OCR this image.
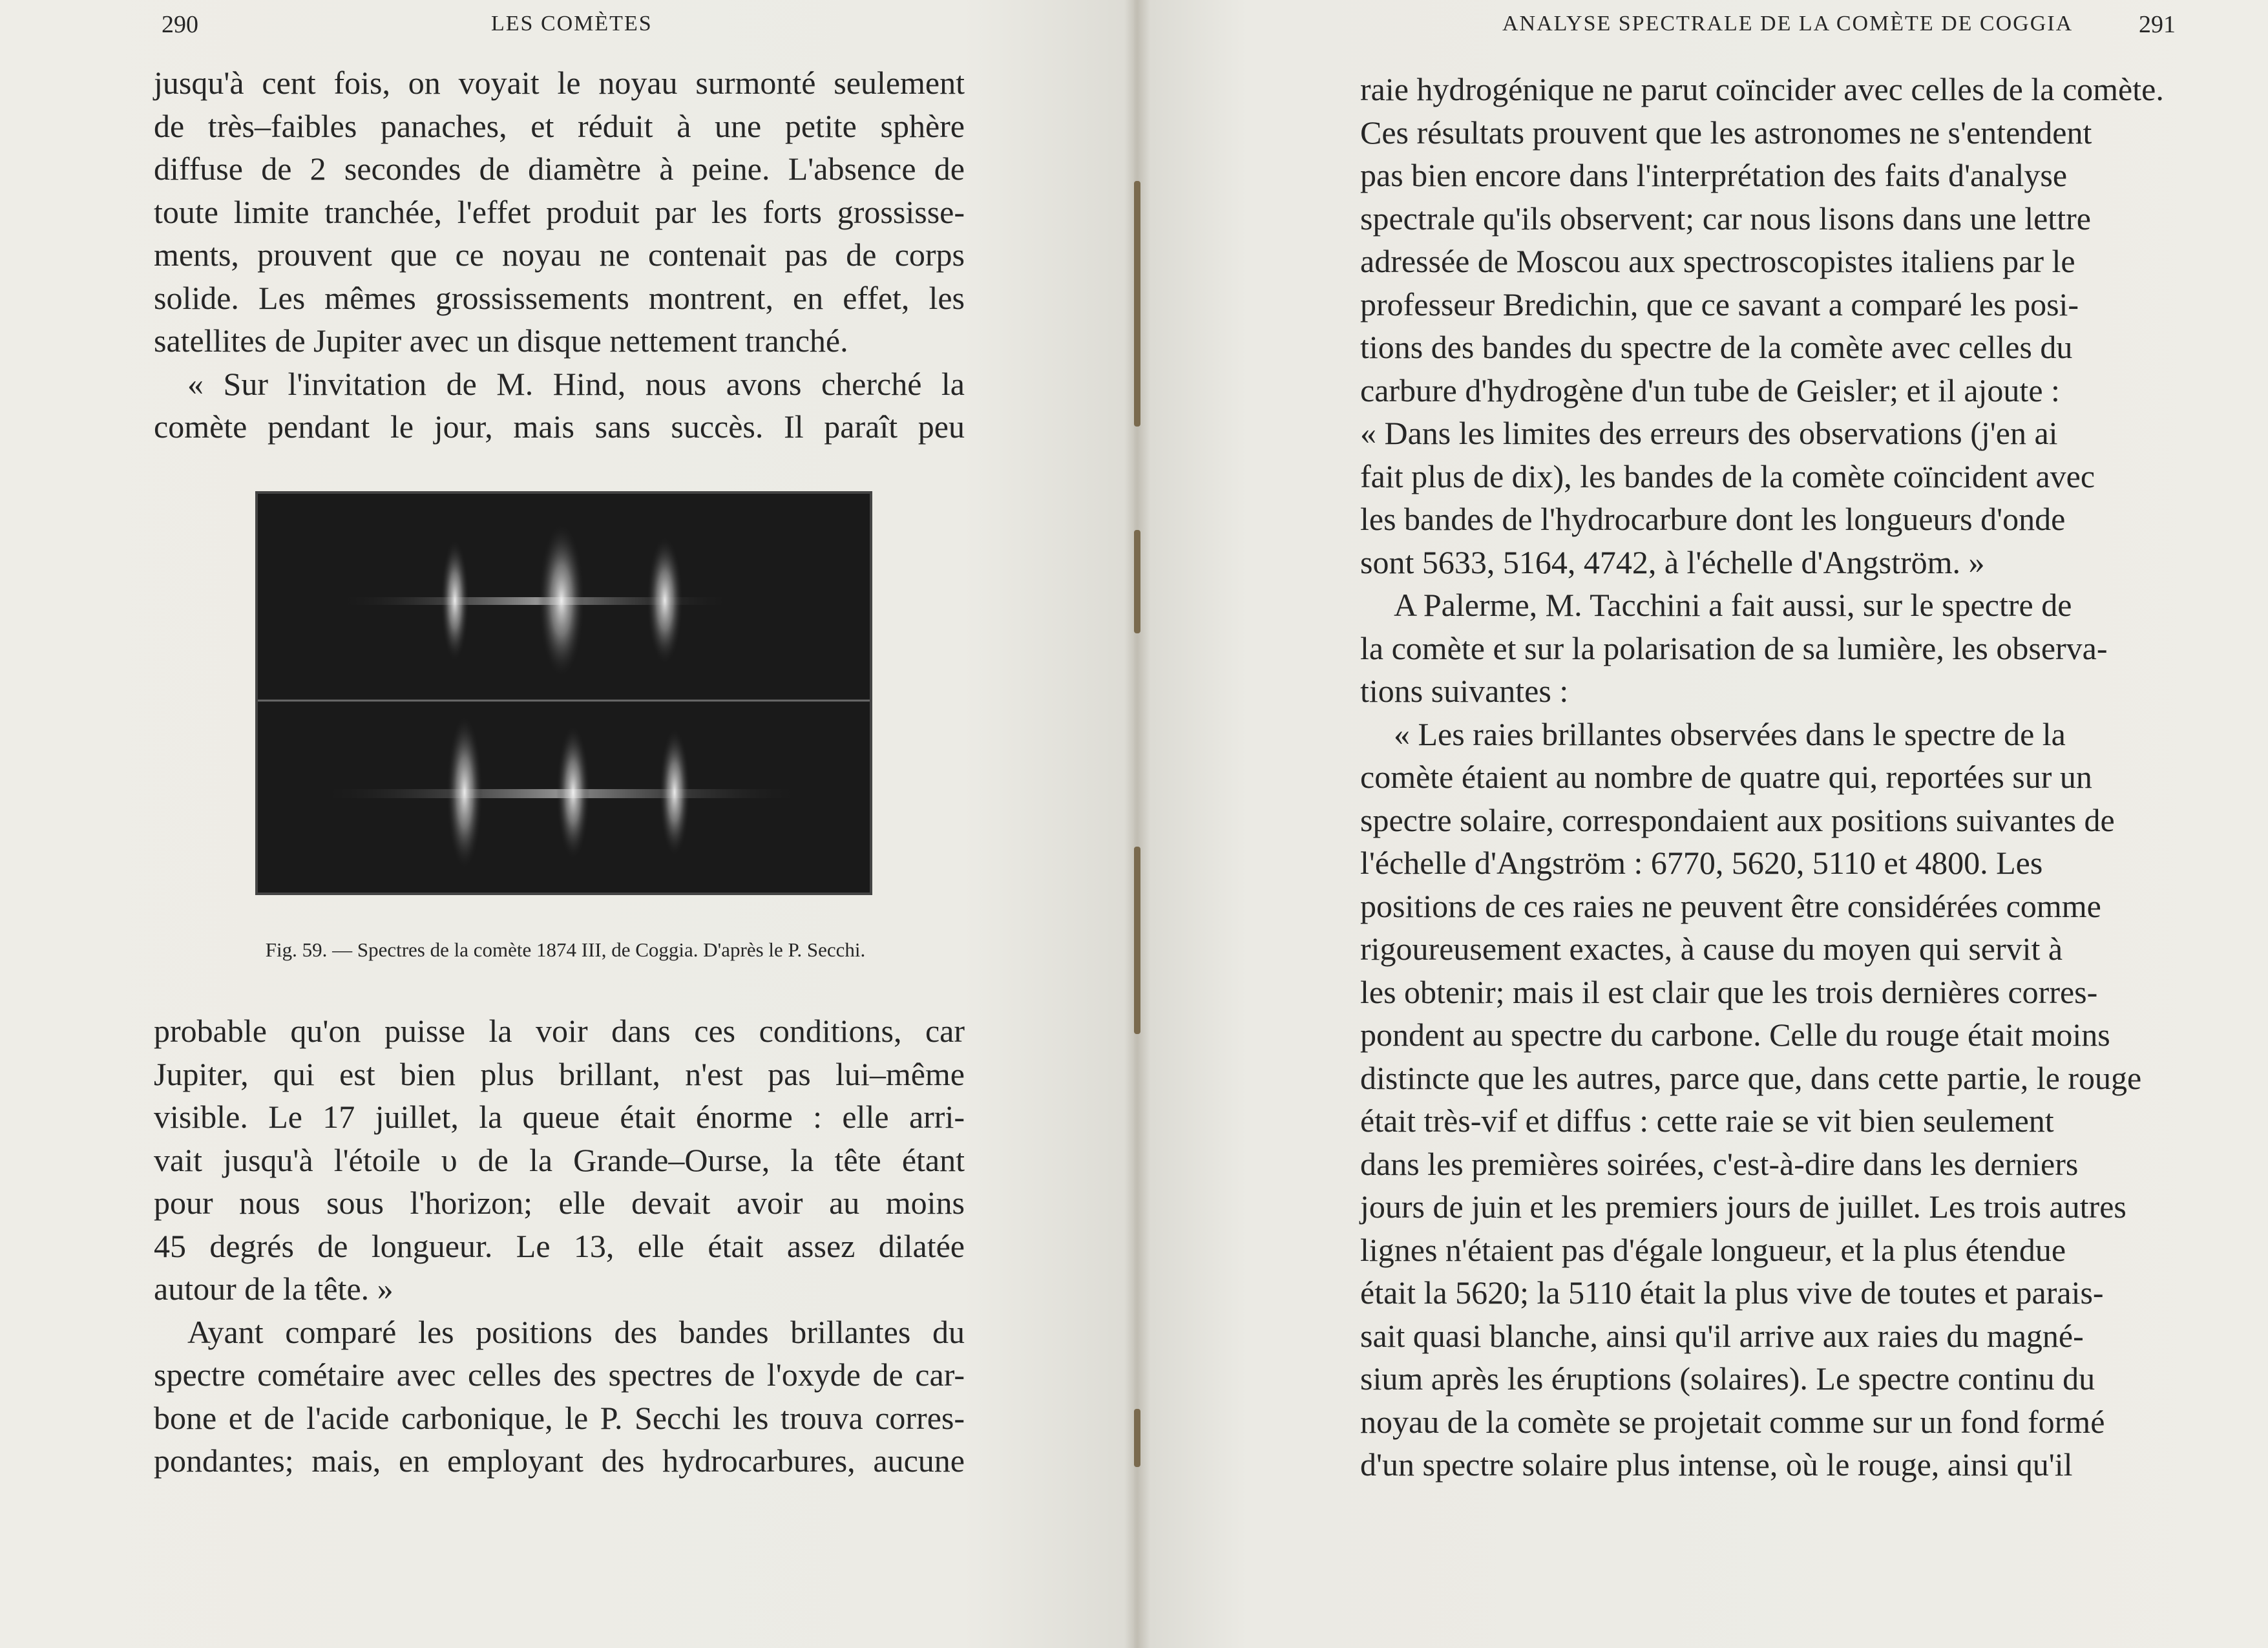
290	LES COMÈTES
jusqu'à cent fois, on voyait le noyau surmonté seulement
de très–faibles panaches, et réduit à une petite sphère
diffuse de 2 secondes de diamètre à peine. L'absence de
toute limite tranchée, l'effet produit par les forts grossisse-
ments, prouvent que ce noyau ne contenait pas de corps
solide. Les mêmes grossissements montrent, en effet, les
satellites de Jupiter avec un disque nettement tranché.
« Sur l'invitation de M. Hind, nous avons cherché la
comète pendant le jour, mais sans succès. Il paraît peu
Fig. 59. — Spectres de la comète 1874 III, de Coggia. D'après le P. Secchi.
probable qu'on puisse la voir dans ces conditions, car
Jupiter, qui est bien plus brillant, n'est pas lui–même
visible. Le 17 juillet, la queue était énorme : elle arri-
vait jusqu'à l'étoile υ de la Grande–Ourse, la tête étant
pour nous sous l'horizon; elle devait avoir au moins
45 degrés de longueur. Le 13, elle était assez dilatée
autour de la tête. »
Ayant comparé les positions des bandes brillantes du
spectre cométaire avec celles des spectres de l'oxyde de car-
bone et de l'acide carbonique, le P. Secchi les trouva corres-
pondantes; mais, en employant des hydrocarbures, aucune
ANALYSE SPECTRALE DE LA COMÈTE DE COGGIA	291
raie hydrogénique ne parut coïncider avec celles de la comète.
Ces résultats prouvent que les astronomes ne s'entendent
pas bien encore dans l'interprétation des faits d'analyse
spectrale qu'ils observent; car nous lisons dans une lettre
adressée de Moscou aux spectroscopistes italiens par le
professeur Bredichin, que ce savant a comparé les posi-
tions des bandes du spectre de la comète avec celles du
carbure d'hydrogène d'un tube de Geisler; et il ajoute :
« Dans les limites des erreurs des observations (j'en ai
fait plus de dix), les bandes de la comète coïncident avec
les bandes de l'hydrocarbure dont les longueurs d'onde
sont 5633, 5164, 4742, à l'échelle d'Angström. »
A Palerme, M. Tacchini a fait aussi, sur le spectre de
la comète et sur la polarisation de sa lumière, les observa-
tions suivantes :
« Les raies brillantes observées dans le spectre de la
comète étaient au nombre de quatre qui, reportées sur un
spectre solaire, correspondaient aux positions suivantes de
l'échelle d'Angström : 6770, 5620, 5110 et 4800. Les
positions de ces raies ne peuvent être considérées comme
rigoureusement exactes, à cause du moyen qui servit à
les obtenir; mais il est clair que les trois dernières corres-
pondent au spectre du carbone. Celle du rouge était moins
distincte que les autres, parce que, dans cette partie, le rouge
était très-vif et diffus : cette raie se vit bien seulement
dans les premières soirées, c'est-à-dire dans les derniers
jours de juin et les premiers jours de juillet. Les trois autres
lignes n'étaient pas d'égale longueur, et la plus étendue
était la 5620; la 5110 était la plus vive de toutes et parais-
sait quasi blanche, ainsi qu'il arrive aux raies du magné-
sium après les éruptions (solaires). Le spectre continu du
noyau de la comète se projetait comme sur un fond formé
d'un spectre solaire plus intense, où le rouge, ainsi qu'il
